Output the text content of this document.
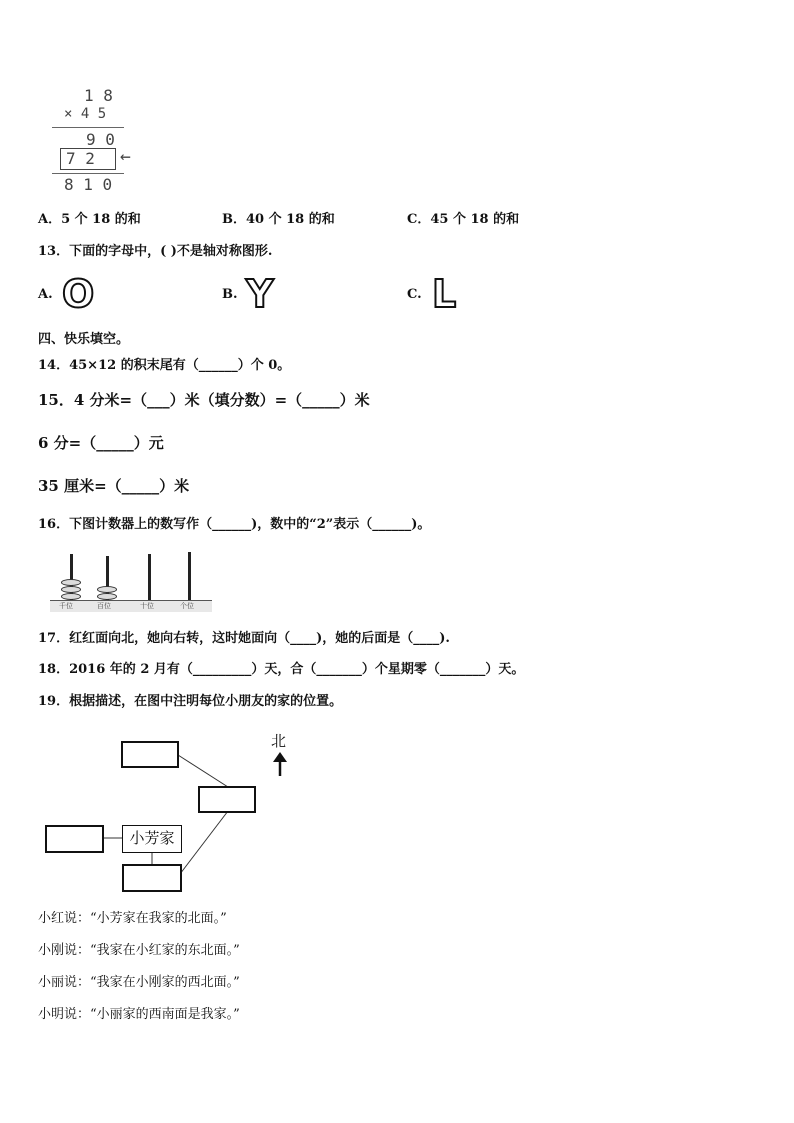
1 8
× 4 5
9 0
7 2 ←
8 1 0
A．5 个 18 的和	B．40 个 18 的和	C．45 个 18 的和
13．下面的字母中，( )不是轴对称图形.
A. O	B. Y	C. L
四、快乐填空。
14．45×12 的积末尾有（______）个 0。
15．4 分米=（___）米（填分数）=（_____）米
6 分=（_____）元
35 厘米=（_____）米
16．下图计数器上的数写作（______)，数中的“2”表示（______)。
千位	百位	十位	个位
17．红红面向北，她向右转，这时她面向（____)，她的后面是（____).
18．2016 年的 2 月有（_________）天，合（_______）个星期零（_______）天。
19．根据描述，在图中注明每位小朋友的家的位置。
北
小芳家
小红说：“小芳家在我家的北面。”
小刚说：“我家在小红家的东北面。”
小丽说：“我家在小刚家的西北面。”
小明说：“小丽家的西南面是我家。”
